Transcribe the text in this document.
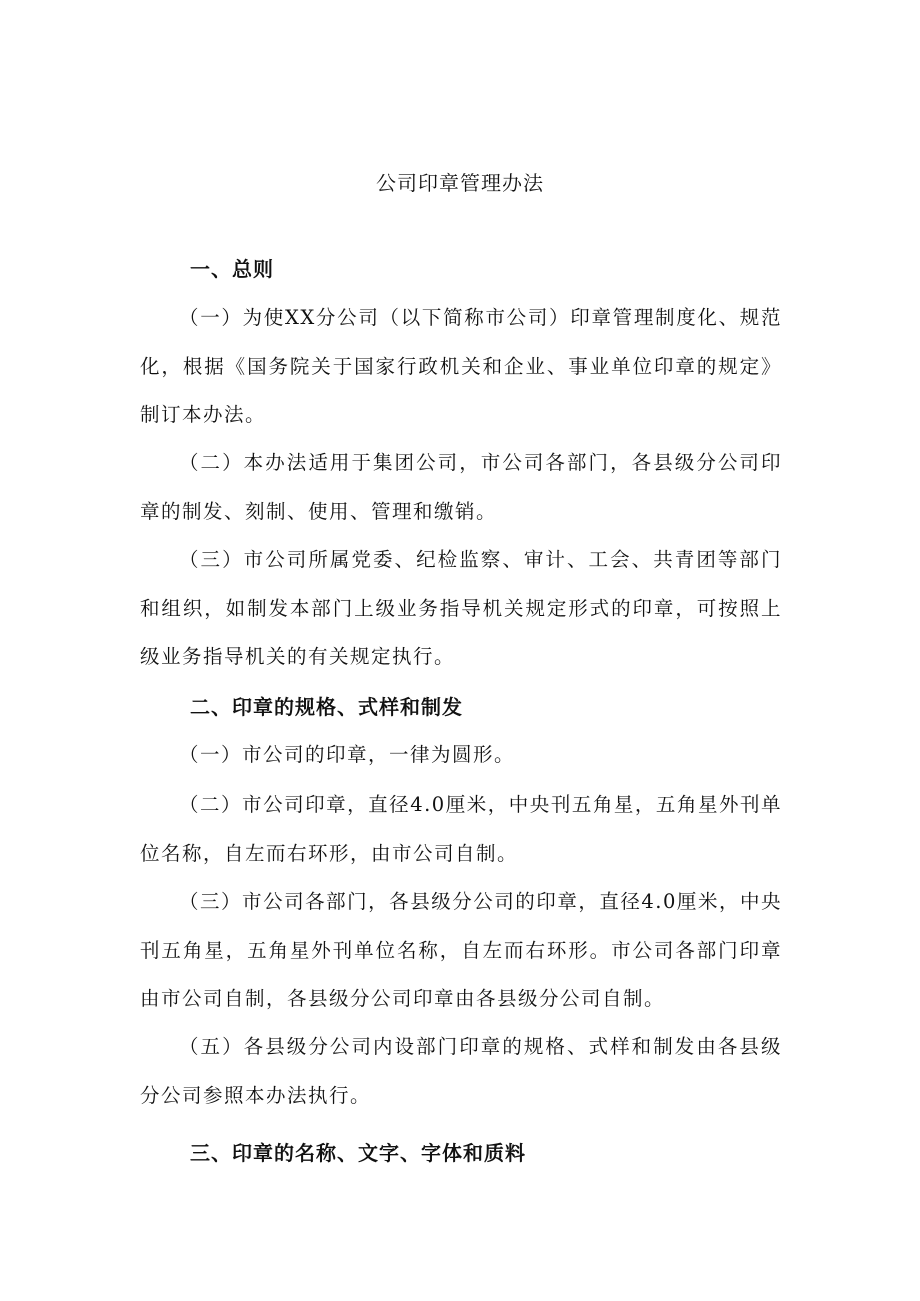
公司印章管理办法
一、总则

（一）为使XX分公司（以下简称市公司）印章管理制度化、规范化，根据《国务院关于国家行政机关和企业、事业单位印章的规定》制订本办法。

（二）本办法适用于集团公司，市公司各部门，各县级分公司印章的制发、刻制、使用、管理和缴销。

（三）市公司所属党委、纪检监察、审计、工会、共青团等部门和组织，如制发本部门上级业务指导机关规定形式的印章，可按照上级业务指导机关的有关规定执行。

二、印章的规格、式样和制发

（一）市公司的印章，一律为圆形。

（二）市公司印章，直径4.0厘米，中央刊五角星，五角星外刊单位名称，自左而右环形，由市公司自制。

（三）市公司各部门，各县级分公司的印章，直径4.0厘米，中央刊五角星，五角星外刊单位名称，自左而右环形。市公司各部门印章由市公司自制，各县级分公司印章由各县级分公司自制。

（五）各县级分公司内设部门印章的规格、式样和制发由各县级分公司参照本办法执行。

三、印章的名称、文字、字体和质料
